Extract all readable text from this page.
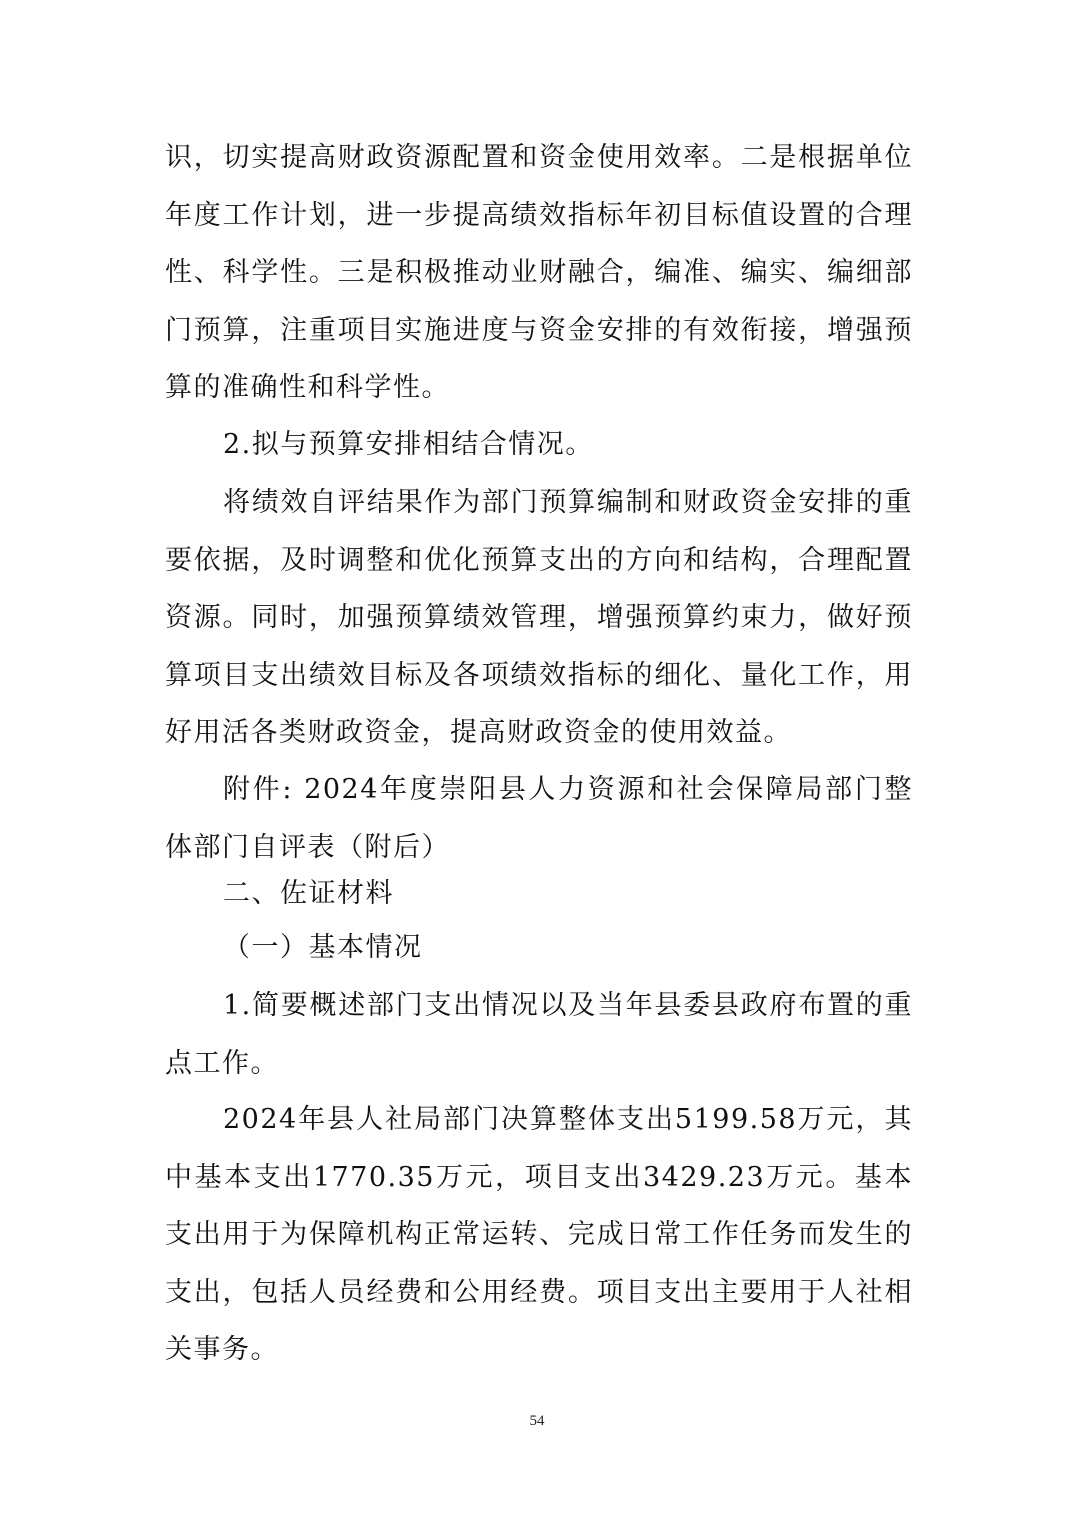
识，切实提高财政资源配置和资金使用效率。二是根据单位年度工作计划，进一步提高绩效指标年初目标值设置的合理性、科学性。三是积极推动业财融合，编准、编实、编细部门预算，注重项目实施进度与资金安排的有效衔接，增强预算的准确性和科学性。

2.拟与预算安排相结合情况。

将绩效自评结果作为部门预算编制和财政资金安排的重要依据，及时调整和优化预算支出的方向和结构，合理配置资源。同时，加强预算绩效管理，增强预算约束力，做好预算项目支出绩效目标及各项绩效指标的细化、量化工作，用好用活各类财政资金，提高财政资金的使用效益。

附件: 2024年度崇阳县人力资源和社会保障局部门整体部门自评表（附后）

二、佐证材料

（一）基本情况

1.简要概述部门支出情况以及当年县委县政府布置的重点工作。

2024年县人社局部门决算整体支出5199.58万元，其中基本支出1770.35万元，项目支出3429.23万元。基本支出用于为保障机构正常运转、完成日常工作任务而发生的支出，包括人员经费和公用经费。项目支出主要用于人社相关事务。

54
